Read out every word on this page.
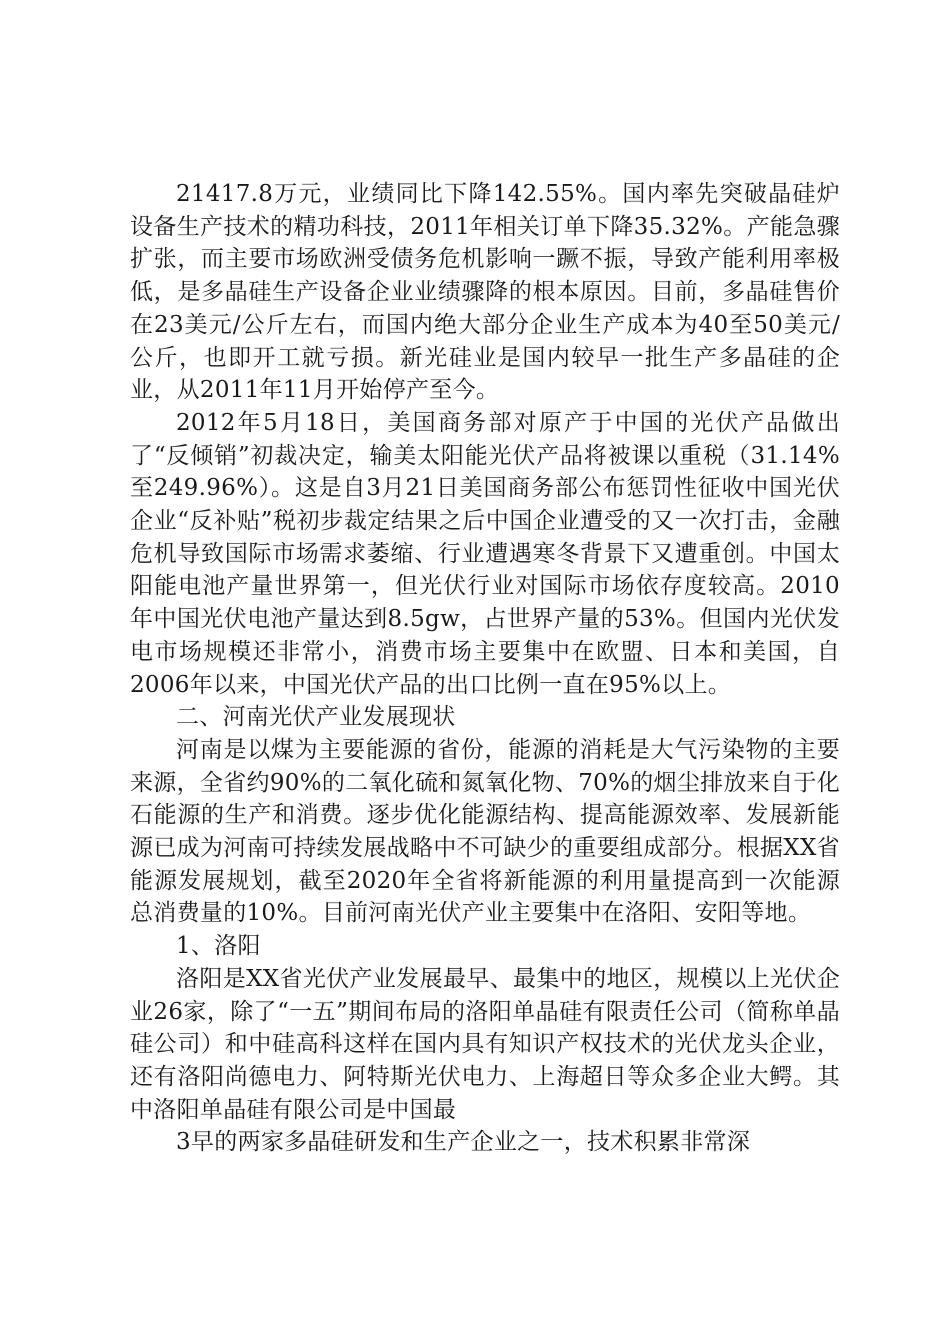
21417.8万元，业绩同比下降142.55%。国内率先突破晶硅炉设备生产技术的精功科技，2011年相关订单下降35.32%。产能急骤扩张，而主要市场欧洲受债务危机影响一蹶不振，导致产能利用率极低，是多晶硅生产设备企业业绩骤降的根本原因。目前，多晶硅售价在23美元/公斤左右，而国内绝大部分企业生产成本为40至50美元/公斤，也即开工就亏损。新光硅业是国内较早一批生产多晶硅的企业，从2011年11月开始停产至今。

2012年5月18日，美国商务部对原产于中国的光伏产品做出了“反倾销”初裁决定，输美太阳能光伏产品将被课以重税（31.14%至249.96%）。这是自3月21日美国商务部公布惩罚性征收中国光伏企业“反补贴”税初步裁定结果之后中国企业遭受的又一次打击，金融危机导致国际市场需求萎缩、行业遭遇寒冬背景下又遭重创。中国太阳能电池产量世界第一，但光伏行业对国际市场依存度较高。2010年中国光伏电池产量达到8.5gw，占世界产量的53%。但国内光伏发电市场规模还非常小，消费市场主要集中在欧盟、日本和美国，自2006年以来，中国光伏产品的出口比例一直在95%以上。

二、河南光伏产业发展现状

河南是以煤为主要能源的省份，能源的消耗是大气污染物的主要来源，全省约90%的二氧化硫和氮氧化物、70%的烟尘排放来自于化石能源的生产和消费。逐步优化能源结构、提高能源效率、发展新能源已成为河南可持续发展战略中不可缺少的重要组成部分。根据XX省能源发展规划，截至2020年全省将新能源的利用量提高到一次能源总消费量的10%。目前河南光伏产业主要集中在洛阳、安阳等地。

1、洛阳

洛阳是XX省光伏产业发展最早、最集中的地区，规模以上光伏企业26家，除了“一五”期间布局的洛阳单晶硅有限责任公司（简称单晶硅公司）和中硅高科这样在国内具有知识产权技术的光伏龙头企业，还有洛阳尚德电力、阿特斯光伏电力、上海超日等众多企业大鳄。其中洛阳单晶硅有限公司是中国最

3早的两家多晶硅研发和生产企业之一，技术积累非常深
